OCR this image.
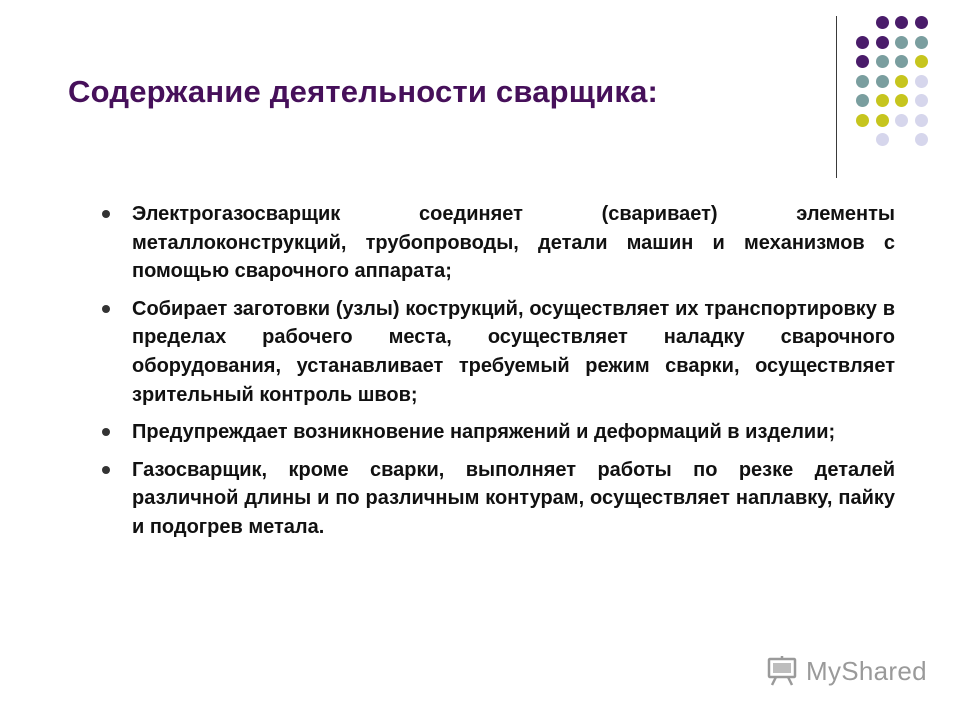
Содержание деятельности сварщика:
Электрогазосварщик соединяет (сваривает) элементы металлоконструкций, трубопроводы, детали машин и механизмов с помощью сварочного аппарата;
Собирает заготовки (узлы) кострукций, осуществляет их транспортировку в пределах рабочего места, осуществляет наладку сварочного оборудования, устанавливает требуемый режим сварки, осуществляет зрительный контроль швов;
Предупреждает возникновение напряжений и деформаций в изделии;
Газосварщик, кроме сварки, выполняет работы по резке деталей различной длины и по различным контурам, осуществляет наплавку, пайку и подогрев метала.
MyShared
